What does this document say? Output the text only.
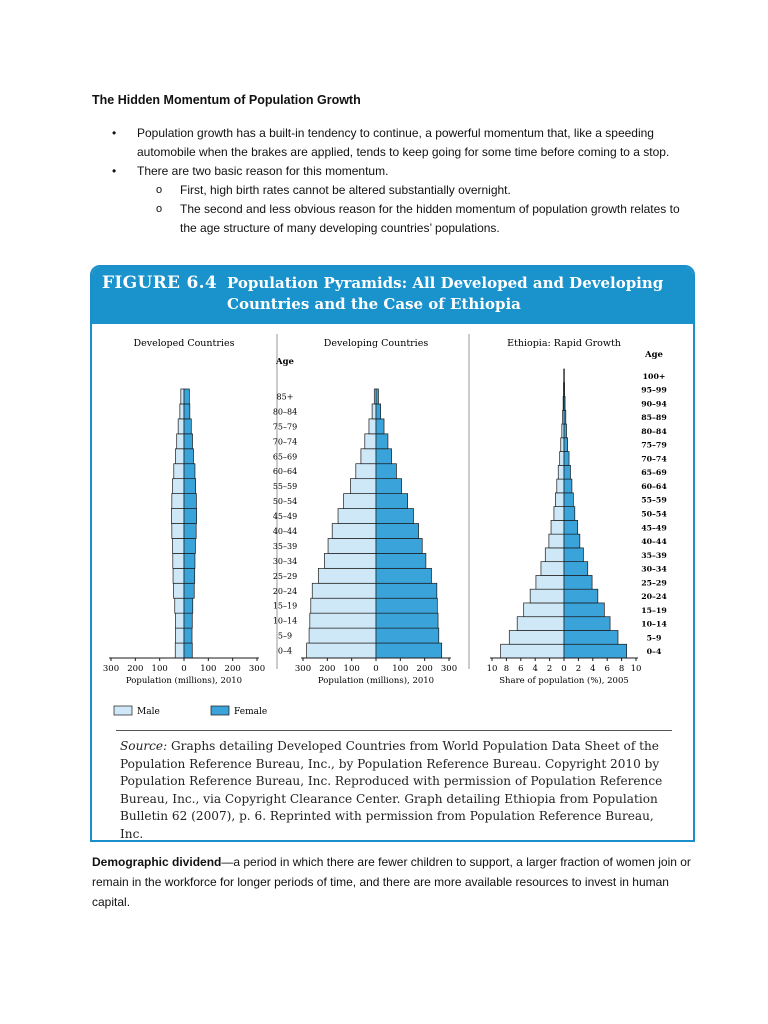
The Hidden Momentum of Population Growth
• Population growth has a built-in tendency to continue, a powerful momentum that, like a speeding automobile when the brakes are applied, tends to keep going for some time before coming to a stop.
• There are two basic reason for this momentum.
o First, high birth rates cannot be altered substantially overnight.
o The second and less obvious reason for the hidden momentum of population growth relates to the age structure of many developing countries’ populations.
FIGURE 6.4 Population Pyramids: All Developed and Developing Countries and the Case of Ethiopia
Developed Countries
300 200 100 0 100 200 300
Population (millions), 2010
Age
0–4
5–9
10–14
15–19
20–24
25–29
30–34
35–39
40–44
45–49
50–54
55–59
60–64
65–69
70–74
75–79
80–84
85+
Developing Countries
300 200 100 0 100 200 300
Population (millions), 2010
Ethiopia: Rapid Growth
10 8 6 4 2 0 2 4 6 8 10
Share of population (%), 2005
Age
0–4
5–9
10–14
15–19
20–24
25–29
30–34
35–39
40–44
45–49
50–54
55–59
60–64
65–69
70–74
75–79
80–84
85–89
90–94
95–99
100+
Male	Female
Source: Graphs detailing Developed Countries from World Population Data Sheet of the Population Reference Bureau, Inc., by Population Reference Bureau. Copyright 2010 by Population Reference Bureau, Inc. Reproduced with permission of Population Reference Bureau, Inc., via Copyright Clearance Center. Graph detailing Ethiopia from Population Bulletin 62 (2007), p. 6. Reprinted with permission from Population Reference Bureau, Inc.
Demographic dividend—a period in which there are fewer children to support, a larger fraction of women join or remain in the workforce for longer periods of time, and there are more available resources to invest in human capital.
